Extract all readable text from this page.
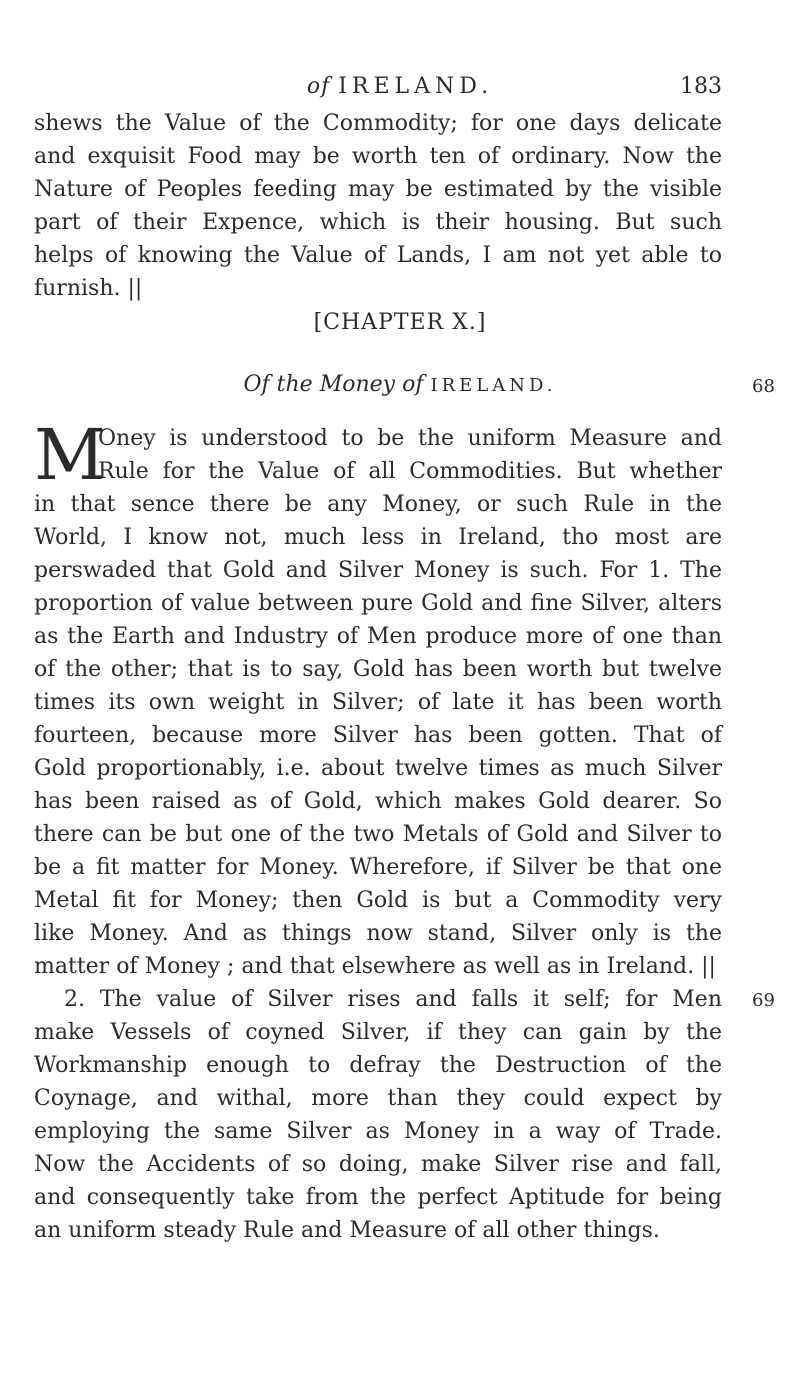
of IRELAND.	183
shews the Value of the Commodity; for one days delicate
and exquisit Food may be worth ten of ordinary. Now the
Nature of Peoples feeding may be estimated by the visible
part of their Expence, which is their housing. But such
helps of knowing the Value of Lands, I am not yet able to
furnish. ||
[CHAPTER X.]
Of the Money of IRELAND.	68
M
Oney is understood to be the uniform Measure and
Rule for the Value of all Commodities. But whether
in that sence there be any Money, or such Rule in the
World, I know not, much less in Ireland, tho most are
perswaded that Gold and Silver Money is such. For 1. The
proportion of value between pure Gold and fine Silver, alters
as the Earth and Industry of Men produce more of one than
of the other; that is to say, Gold has been worth but twelve
times its own weight in Silver; of late it has been worth
fourteen, because more Silver has been gotten. That of
Gold proportionably, i.e. about twelve times as much Silver
has been raised as of Gold, which makes Gold dearer. So
there can be but one of the two Metals of Gold and Silver to
be a fit matter for Money. Wherefore, if Silver be that one
Metal fit for Money; then Gold is but a Commodity very
like Money. And as things now stand, Silver only is the
matter of Money ; and that elsewhere as well as in Ireland. ||
2. The value of Silver rises and falls it self; for Men
make Vessels of coyned Silver, if they can gain by the
Workmanship enough to defray the Destruction of the
Coynage, and withal, more than they could expect by
employing the same Silver as Money in a way of Trade.
Now the Accidents of so doing, make Silver rise and fall,
and consequently take from the perfect Aptitude for being
an uniform steady Rule and Measure of all other things.
69
